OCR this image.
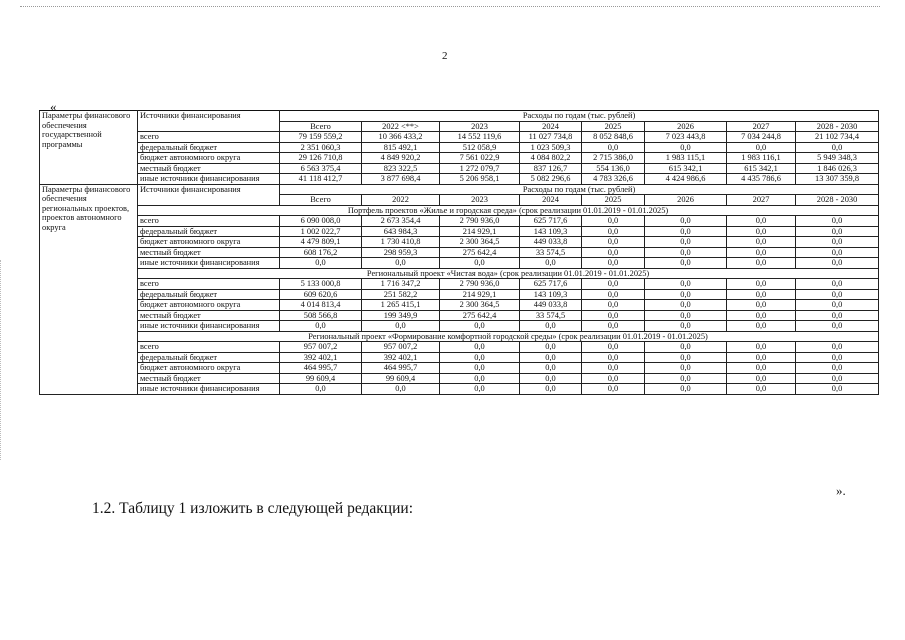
2
«
Параметры финансового обеспечения государственной программы	Источники финансирования	Расходы по годам (тыс. рублей)							
		Всего	2022 <**>	2023	2024	2025	2026	2027	2028 - 2030
	всего	79 159 559,2	10 366 433,2	14 552 119,6	11 027 734,8	8 052 848,6	7 023 443,8	7 034 244,8	21 102 734,4
	федеральный бюджет	2 351 060,3	815 492,1	512 058,9	1 023 509,3	0,0	0,0	0,0	0,0
	бюджет автономного округа	29 126 710,8	4 849 920,2	7 561 022,9	4 084 802,2	2 715 386,0	1 983 115,1	1 983 116,1	5 949 348,3
	местный бюджет	6 563 375,4	823 322,5	1 272 079,7	837 126,7	554 136,0	615 342,1	615 342,1	1 846 026,3
	иные источники финансирования	41 118 412,7	3 877 698,4	5 206 958,1	5 082 296,6	4 783 326,6	4 424 986,6	4 435 786,6	13 307 359,8
Параметры финансового обеспечения региональных проектов, проектов автономного округа	Источники финансирования	Расходы по годам (тыс. рублей)							
		Всего	2022	2023	2024	2025	2026	2027	2028 - 2030
	Портфель проектов «Жилье и городская среда» (срок реализации 01.01.2019 - 01.01.2025)								
	всего	6 090 008,0	2 673 354,4	2 790 936,0	625 717,6	0,0	0,0	0,0	0,0
	федеральный бюджет	1 002 022,7	643 984,3	214 929,1	143 109,3	0,0	0,0	0,0	0,0
	бюджет автономного округа	4 479 809,1	1 730 410,8	2 300 364,5	449 033,8	0,0	0,0	0,0	0,0
	местный бюджет	608 176,2	298 959,3	275 642,4	33 574,5	0,0	0,0	0,0	0,0
	иные источники финансирования	0,0	0,0	0,0	0,0	0,0	0,0	0,0	0,0
	Региональный проект «Чистая вода» (срок реализации 01.01.2019 - 01.01.2025)								
	всего	5 133 000,8	1 716 347,2	2 790 936,0	625 717,6	0,0	0,0	0,0	0,0
	федеральный бюджет	609 620,6	251 582,2	214 929,1	143 109,3	0,0	0,0	0,0	0,0
	бюджет автономного округа	4 014 813,4	1 265 415,1	2 300 364,5	449 033,8	0,0	0,0	0,0	0,0
	местный бюджет	508 566,8	199 349,9	275 642,4	33 574,5	0,0	0,0	0,0	0,0
	иные источники финансирования	0,0	0,0	0,0	0,0	0,0	0,0	0,0	0,0
	Региональный проект «Формирование комфортной городской среды» (срок реализации 01.01.2019 - 01.01.2025)								
	всего	957 007,2	957 007,2	0,0	0,0	0,0	0,0	0,0	0,0
	федеральный бюджет	392 402,1	392 402,1	0,0	0,0	0,0	0,0	0,0	0,0
	бюджет автономного округа	464 995,7	464 995,7	0,0	0,0	0,0	0,0	0,0	0,0
	местный бюджет	99 609,4	99 609,4	0,0	0,0	0,0	0,0	0,0	0,0
	иные источники финансирования	0,0	0,0	0,0	0,0	0,0	0,0	0,0	0,0
».
1.2. Таблицу 1 изложить в следующей редакции:
